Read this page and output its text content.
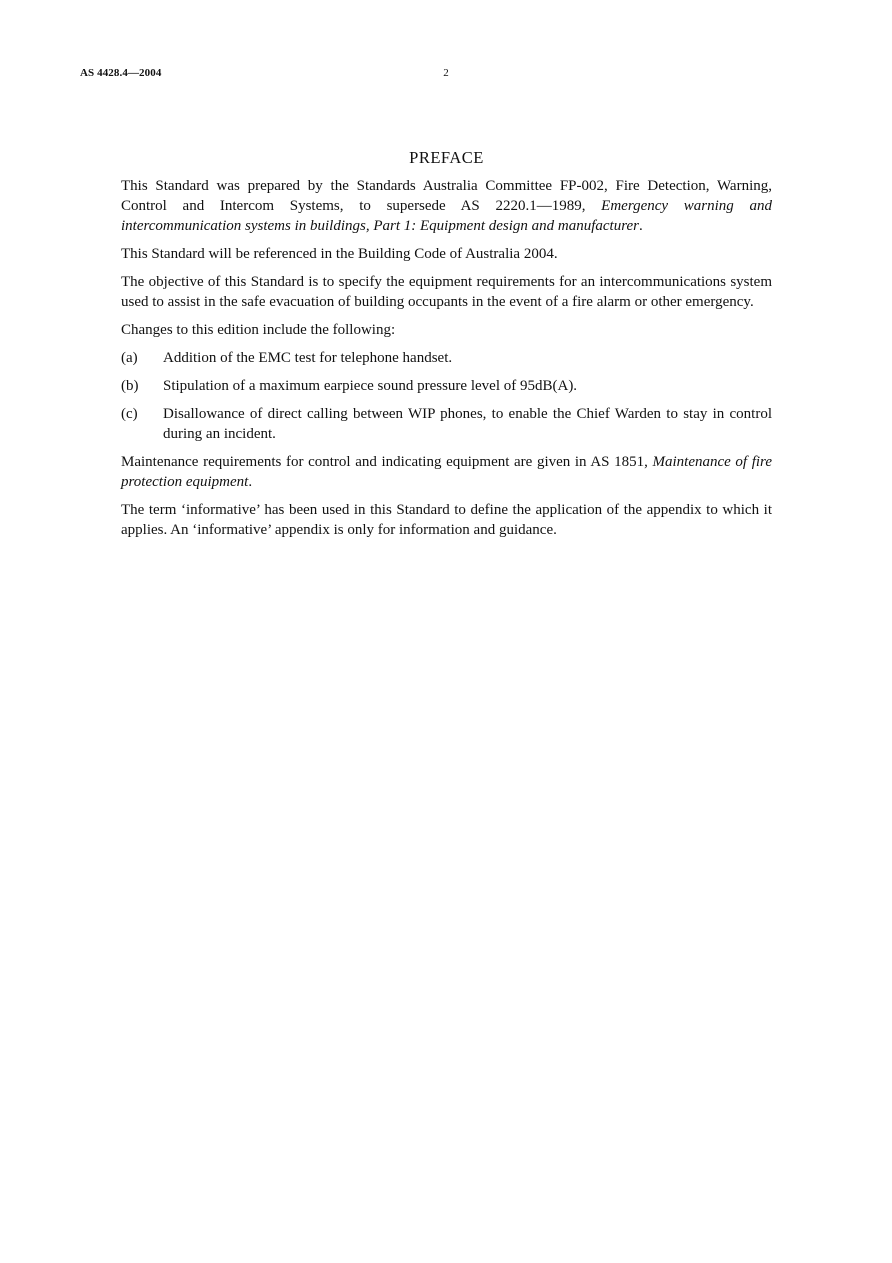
AS 4428.4—2004	2
PREFACE

This Standard was prepared by the Standards Australia Committee FP-002, Fire Detection, Warning, Control and Intercom Systems, to supersede AS 2220.1—1989, Emergency warning and intercommunication systems in buildings, Part 1: Equipment design and manufacturer.

This Standard will be referenced in the Building Code of Australia 2004.

The objective of this Standard is to specify the equipment requirements for an intercommunications system used to assist in the safe evacuation of building occupants in the event of a fire alarm or other emergency.

Changes to this edition include the following:

(a)	Addition of the EMC test for telephone handset.
(b)	Stipulation of a maximum earpiece sound pressure level of 95dB(A).
(c)	Disallowance of direct calling between WIP phones, to enable the Chief Warden to stay in control during an incident.

Maintenance requirements for control and indicating equipment are given in AS 1851, Maintenance of fire protection equipment.

The term ‘informative’ has been used in this Standard to define the application of the appendix to which it applies. An ‘informative’ appendix is only for information and guidance.
